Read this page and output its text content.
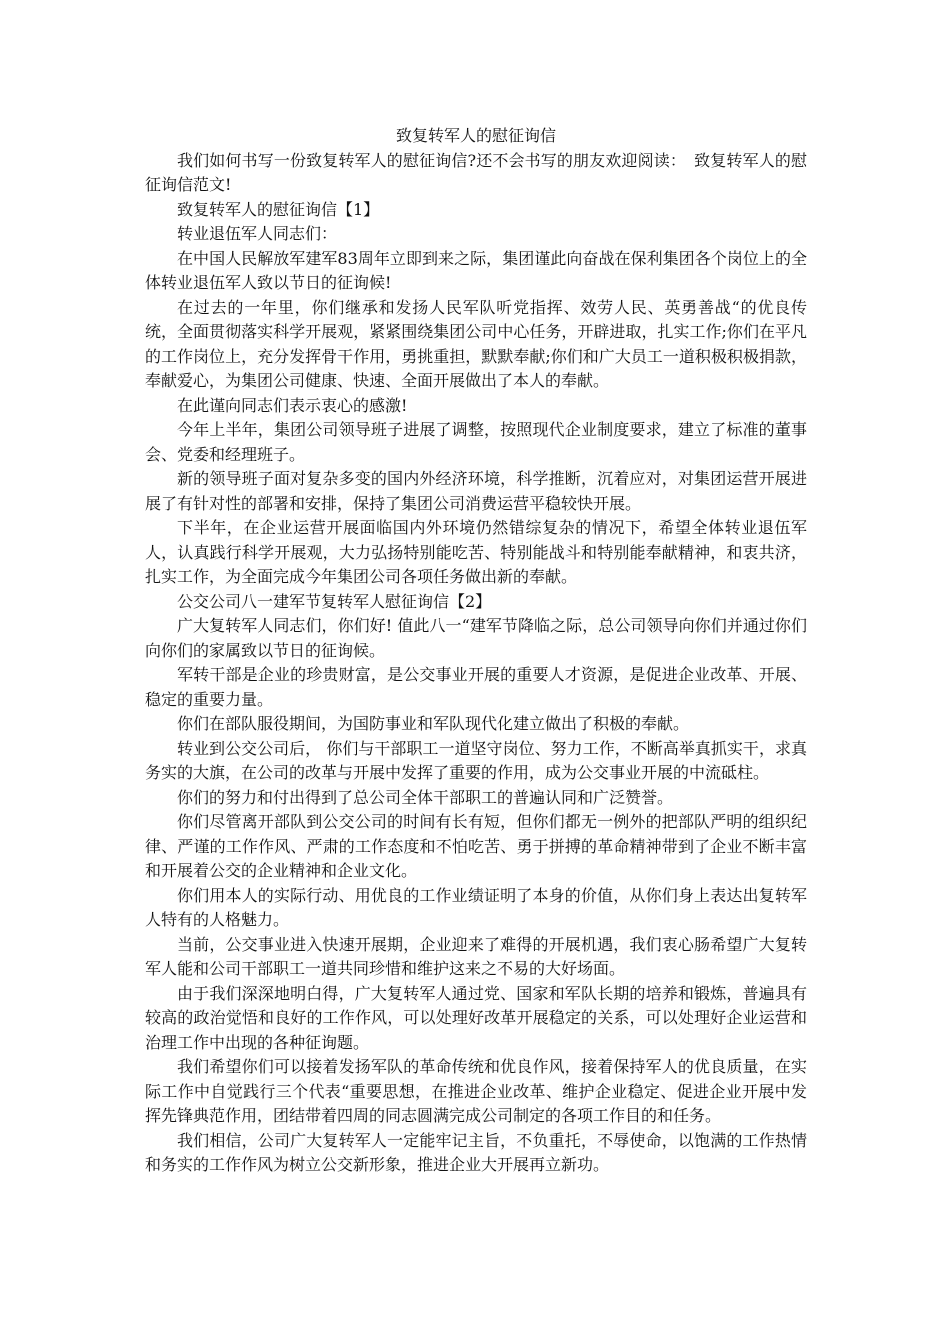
致复转军人的慰征询信

我们如何书写一份致复转军人的慰征询信?还不会书写的朋友欢迎阅读：　致复转军人的慰征询信范文!

致复转军人的慰征询信【1】

转业退伍军人同志们：

在中国人民解放军建军83周年立即到来之际，集团谨此向奋战在保利集团各个岗位上的全体转业退伍军人致以节日的征询候!

在过去的一年里，你们继承和发扬人民军队听党指挥、效劳人民、英勇善战“的优良传统，全面贯彻落实科学开展观，紧紧围绕集团公司中心任务，开辟进取，扎实工作;你们在平凡的工作岗位上，充分发挥骨干作用，勇挑重担，默默奉献;你们和广大员工一道积极积极捐款，奉献爱心，为集团公司健康、快速、全面开展做出了本人的奉献。

在此谨向同志们表示衷心的感激!

今年上半年，集团公司领导班子进展了调整，按照现代企业制度要求，建立了标准的董事会、党委和经理班子。

新的领导班子面对复杂多变的国内外经济环境，科学推断，沉着应对，对集团运营开展进展了有针对性的部署和安排，保持了集团公司消费运营平稳较快开展。

下半年，在企业运营开展面临国内外环境仍然错综复杂的情况下，希望全体转业退伍军人，认真践行科学开展观，大力弘扬特别能吃苦、特别能战斗和特别能奉献精神，和衷共济，扎实工作，为全面完成今年集团公司各项任务做出新的奉献。

公交公司八一建军节复转军人慰征询信【2】

广大复转军人同志们，你们好! 值此八一“建军节降临之际，总公司领导向你们并通过你们向你们的家属致以节日的征询候。

军转干部是企业的珍贵财富，是公交事业开展的重要人才资源，是促进企业改革、开展、稳定的重要力量。

你们在部队服役期间，为国防事业和军队现代化建立做出了积极的奉献。

转业到公交公司后， 你们与干部职工一道坚守岗位、努力工作，不断高举真抓实干，求真务实的大旗，在公司的改革与开展中发挥了重要的作用，成为公交事业开展的中流砥柱。

你们的努力和付出得到了总公司全体干部职工的普遍认同和广泛赞誉。

你们尽管离开部队到公交公司的时间有长有短，但你们都无一例外的把部队严明的组织纪律、严谨的工作作风、严肃的工作态度和不怕吃苦、勇于拼搏的革命精神带到了企业不断丰富和开展着公交的企业精神和企业文化。

你们用本人的实际行动、用优良的工作业绩证明了本身的价值，从你们身上表达出复转军人特有的人格魅力。

当前，公交事业进入快速开展期，企业迎来了难得的开展机遇，我们衷心肠希望广大复转军人能和公司干部职工一道共同珍惜和维护这来之不易的大好场面。

由于我们深深地明白得，广大复转军人通过党、国家和军队长期的培养和锻炼，普遍具有较高的政治觉悟和良好的工作作风，可以处理好改革开展稳定的关系，可以处理好企业运营和治理工作中出现的各种征询题。

我们希望你们可以接着发扬军队的革命传统和优良作风，接着保持军人的优良质量，在实际工作中自觉践行三个代表“重要思想，在推进企业改革、维护企业稳定、促进企业开展中发挥先锋典范作用，团结带着四周的同志圆满完成公司制定的各项工作目的和任务。

我们相信，公司广大复转军人一定能牢记主旨，不负重托，不辱使命，以饱满的工作热情和务实的工作作风为树立公交新形象，推进企业大开展再立新功。
